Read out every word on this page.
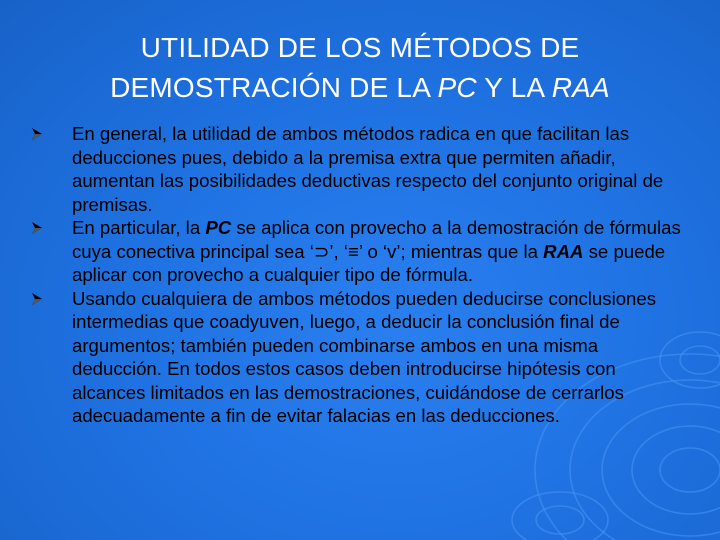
UTILIDAD DE LOS MÉTODOS DE
DEMOSTRACIÓN DE LA PC Y LA RAA
En general, la utilidad de ambos métodos radica en que facilitan las deducciones pues, debido a la premisa extra que permiten añadir, aumentan las posibilidades deductivas respecto del conjunto original de premisas.
En particular, la PC se aplica con provecho a la demostración de fórmulas cuya conectiva principal sea ‘⊃’, ‘≡’ o ‘v’; mientras que la RAA se puede aplicar con provecho a cualquier tipo de fórmula.
Usando cualquiera de ambos métodos pueden deducirse conclusiones intermedias que coadyuven, luego, a deducir la conclusión final de argumentos; también pueden combinarse ambos en una misma deducción. En todos estos casos deben introducirse hipótesis con alcances limitados en las demostraciones, cuidándose de cerrarlos adecuadamente a fin de evitar falacias en las deducciones.
